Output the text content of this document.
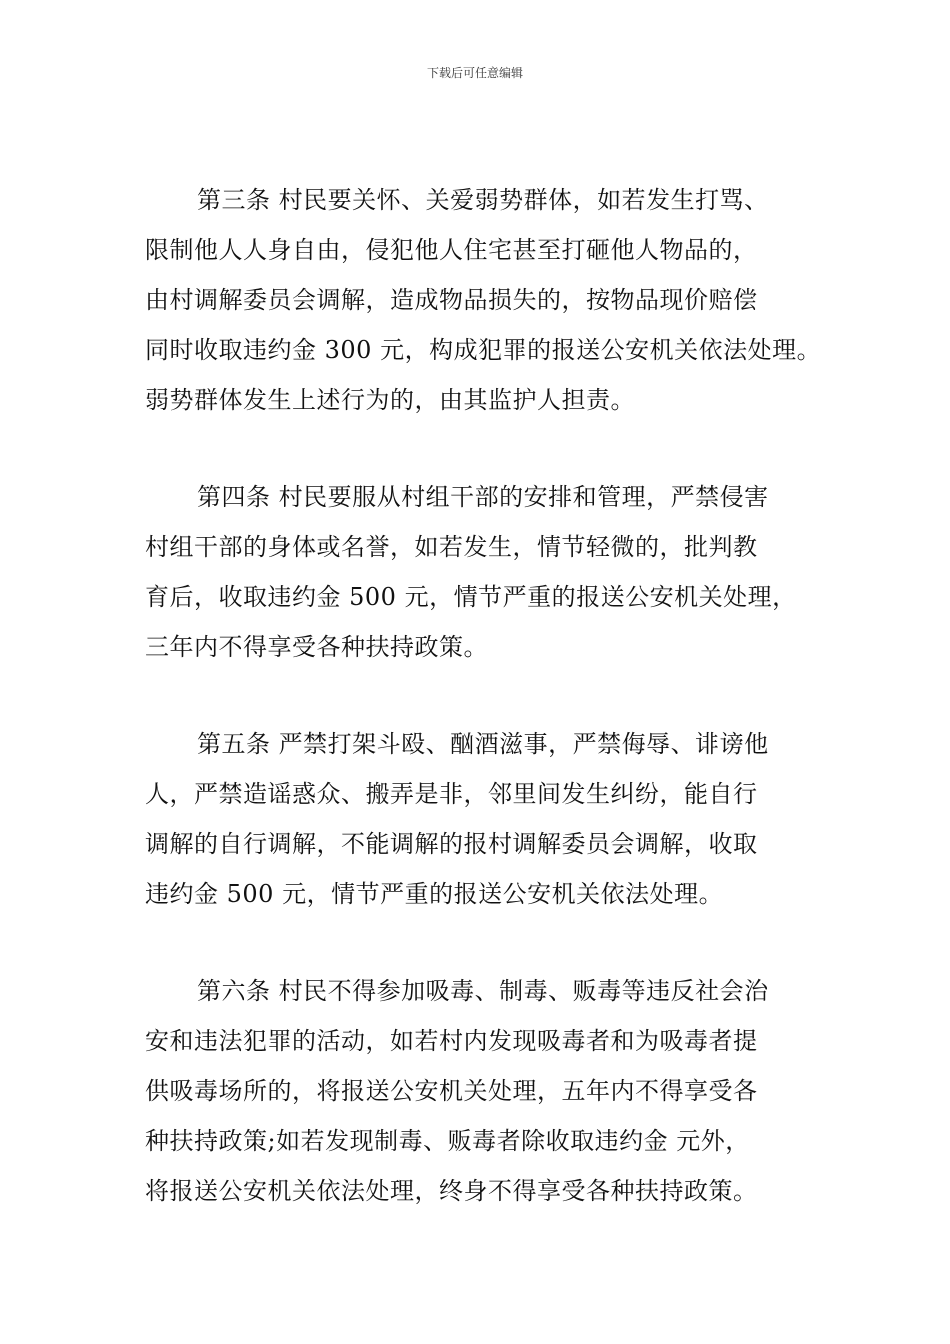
下载后可任意编辑
第三条 村民要关怀、关爱弱势群体，如若发生打骂、
限制他人人身自由，侵犯他人住宅甚至打砸他人物品的，
由村调解委员会调解，造成物品损失的，按物品现价赔偿
同时收取违约金 300 元，构成犯罪的报送公安机关依法处理。
弱势群体发生上述行为的，由其监护人担责。
第四条 村民要服从村组干部的安排和管理，严禁侵害
村组干部的身体或名誉，如若发生，情节轻微的，批判教
育后，收取违约金 500 元，情节严重的报送公安机关处理，
三年内不得享受各种扶持政策。
第五条 严禁打架斗殴、酗酒滋事，严禁侮辱、诽谤他
人，严禁造谣惑众、搬弄是非，邻里间发生纠纷，能自行
调解的自行调解，不能调解的报村调解委员会调解，收取
违约金 500 元，情节严重的报送公安机关依法处理。
第六条 村民不得参加吸毒、制毒、贩毒等违反社会治
安和违法犯罪的活动，如若村内发现吸毒者和为吸毒者提
供吸毒场所的，将报送公安机关处理，五年内不得享受各
种扶持政策;如若发现制毒、贩毒者除收取违约金 元外，
将报送公安机关依法处理，终身不得享受各种扶持政策。
